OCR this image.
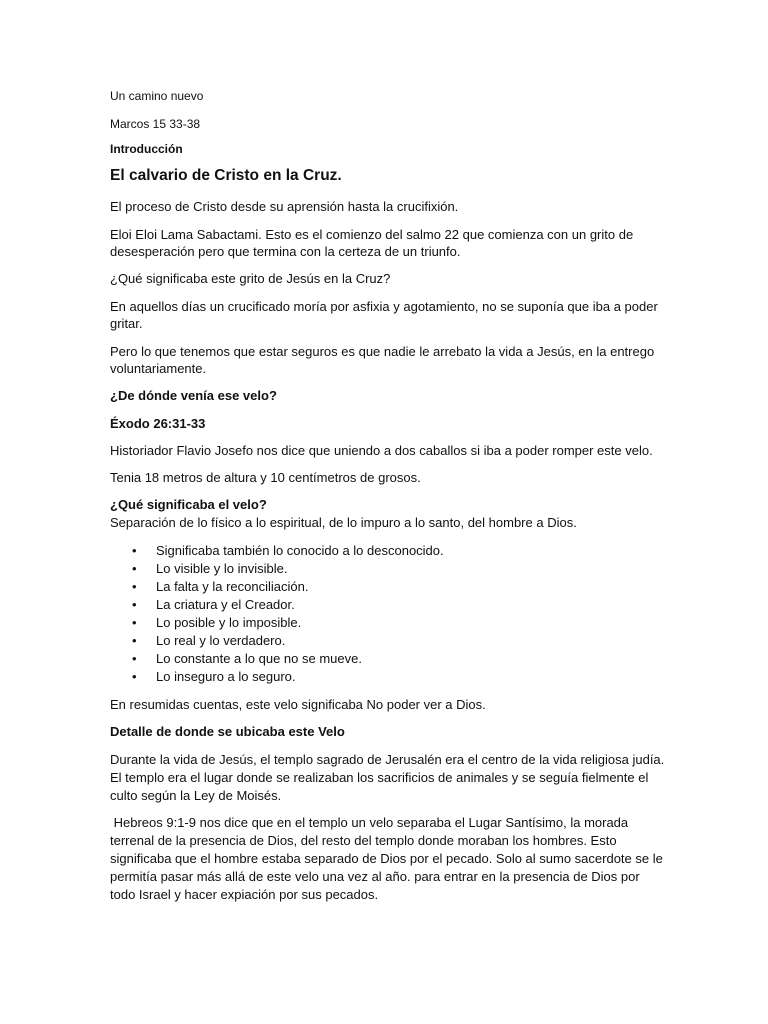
Un camino nuevo

Marcos 15 33-38

Introducción

El calvario de Cristo en la Cruz.

El proceso de Cristo desde su aprensión hasta la crucifixión.

Eloi Eloi Lama Sabactami. Esto es el comienzo del salmo 22 que comienza con un grito de

desesperación pero que termina con la certeza de un triunfo.

¿Qué significaba este grito de Jesús en la Cruz?

En aquellos días un crucificado moría por asfixia y agotamiento, no se suponía que iba a poder

gritar.

Pero lo que tenemos que estar seguros es que nadie le arrebato la vida a Jesús, en la entrego

voluntariamente.

¿De dónde venía ese velo?

Éxodo 26:31-33

Historiador Flavio Josefo nos dice que uniendo a dos caballos si iba a poder romper este velo.

Tenia 18 metros de altura y 10 centímetros de grosos.

¿Qué significaba el velo?

Separación de lo físico a lo espiritual, de lo impuro a lo santo, del hombre a Dios.

• Significaba también lo conocido a lo desconocido.
• Lo visible y lo invisible.
• La falta y la reconciliación.
• La criatura y el Creador.
• Lo posible y lo imposible.
• Lo real y lo verdadero.
• Lo constante a lo que no se mueve.
• Lo inseguro a lo seguro.

En resumidas cuentas, este velo significaba No poder ver a Dios.

Detalle de donde se ubicaba este Velo

Durante la vida de Jesús, el templo sagrado de Jerusalén era el centro de la vida religiosa judía.

El templo era el lugar donde se realizaban los sacrificios de animales y se seguía fielmente el

culto según la Ley de Moisés.

Hebreos 9:1-9 nos dice que en el templo un velo separaba el Lugar Santísimo, la morada

terrenal de la presencia de Dios, del resto del templo donde moraban los hombres. Esto

significaba que el hombre estaba separado de Dios por el pecado. Solo al sumo sacerdote se le

permitía pasar más allá de este velo una vez al año. para entrar en la presencia de Dios por

todo Israel y hacer expiación por sus pecados.
